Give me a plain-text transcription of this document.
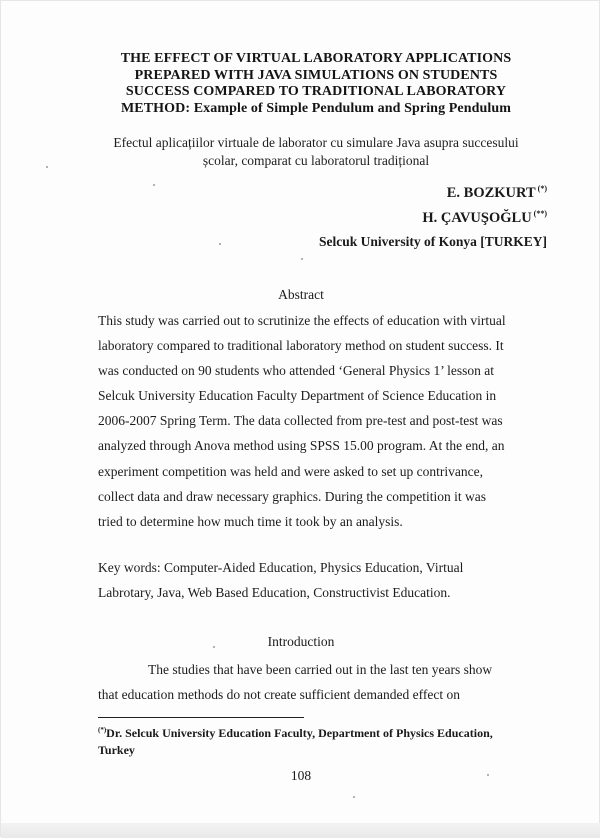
THE EFFECT OF VIRTUAL LABORATORY APPLICATIONS
PREPARED WITH JAVA SIMULATIONS ON STUDENTS
SUCCESS COMPARED TO TRADITIONAL LABORATORY
METHOD: Example of Simple Pendulum and Spring Pendulum
Efectul aplicațiilor virtuale de laborator cu simulare Java asupra succesului
școlar, comparat cu laboratorul tradițional
E. BOZKURT (*)
H. ÇAVUŞOĞLU (**)
Selcuk University of Konya [TURKEY]
Abstract
This study was carried out to scrutinize the effects of education with virtual
laboratory compared to traditional laboratory method on student success. It
was conducted on 90 students who attended ‘General Physics 1’ lesson at
Selcuk University Education Faculty Department of Science Education in
2006-2007 Spring Term. The data collected from pre-test and post-test was
analyzed through Anova method using SPSS 15.00 program. At the end, an
experiment competition was held and were asked to set up contrivance,
collect data and draw necessary graphics. During the competition it was
tried to determine how much time it took by an analysis.
Key words: Computer-Aided Education, Physics Education, Virtual
Labrotary, Java, Web Based Education, Constructivist Education.
Introduction
The studies that have been carried out in the last ten years show
that education methods do not create sufficient demanded effect on
(*)Dr. Selcuk University Education Faculty, Department of Physics Education,
Turkey
108
